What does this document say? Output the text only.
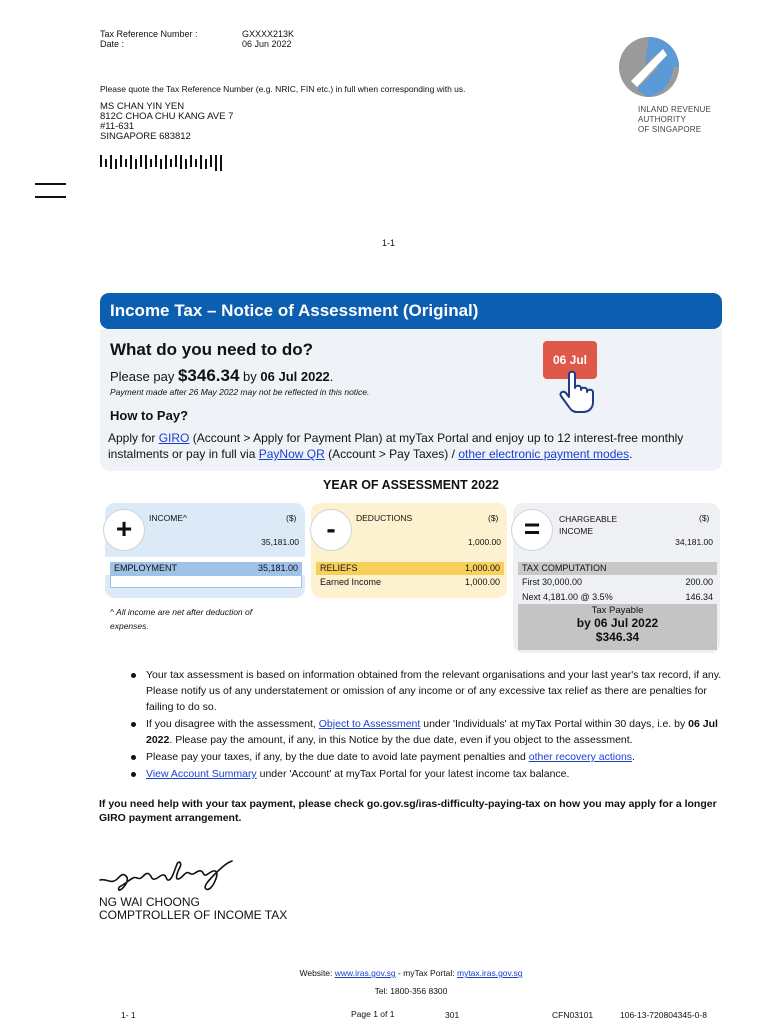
Tax Reference Number :	GXXXX213K
Date :	06 Jun 2022
Please quote the Tax Reference Number (e.g. NRIC, FIN etc.) in full when corresponding with us.
MS CHAN YIN YEN
812C CHOA CHU KANG AVE 7
#11-631
SINGAPORE 683812
INLAND REVENUE
AUTHORITY
OF SINGAPORE
1-1
Income Tax – Notice of Assessment (Original)
What do you need to do?
Please pay $346.34 by 06 Jul 2022.
Payment made after 26 May 2022 may not be reflected in this notice.
06 Jul
How to Pay?
Apply for GIRO (Account > Apply for Payment Plan) at myTax Portal and enjoy up to 12 interest-free monthly instalments or pay in full via PayNow QR (Account > Pay Taxes) / other electronic payment modes.
YEAR OF ASSESSMENT 2022
+	INCOME^	($)
35,181.00
EMPLOYMENT	35,181.00
^ All income are net after deduction of expenses.
-	DEDUCTIONS	($)
1,000.00
RELIEFS	1,000.00
Earned Income	1,000.00
=	CHARGEABLE
INCOME
($)
34,181.00
TAX COMPUTATION
First 30,000.00	200.00
Next 4,181.00 @ 3.5%	146.34
Tax Payable
by 06 Jul 2022
$346.34
Your tax assessment is based on information obtained from the relevant organisations and your last year's tax record, if any. Please notify us of any understatement or omission of any income or of any excessive tax relief as there are penalties for failing to do so.
If you disagree with the assessment, Object to Assessment under 'Individuals' at myTax Portal within 30 days, i.e. by 06 Jul 2022. Please pay the amount, if any, in this Notice by the due date, even if you object to the assessment.
Please pay your taxes, if any, by the due date to avoid late payment penalties and other recovery actions.
View Account Summary under 'Account' at myTax Portal for your latest income tax balance.
If you need help with your tax payment, please check go.gov.sg/iras-difficulty-paying-tax on how you may apply for a longer GIRO payment arrangement.
NG WAI CHOONG
COMPTROLLER OF INCOME TAX
Website: www.iras.gov.sg - myTax Portal: mytax.iras.gov.sg
Tel: 1800-356 8300
1- 1	Page 1 of 1	301	CFN03101	106-13-720804345-0-8
